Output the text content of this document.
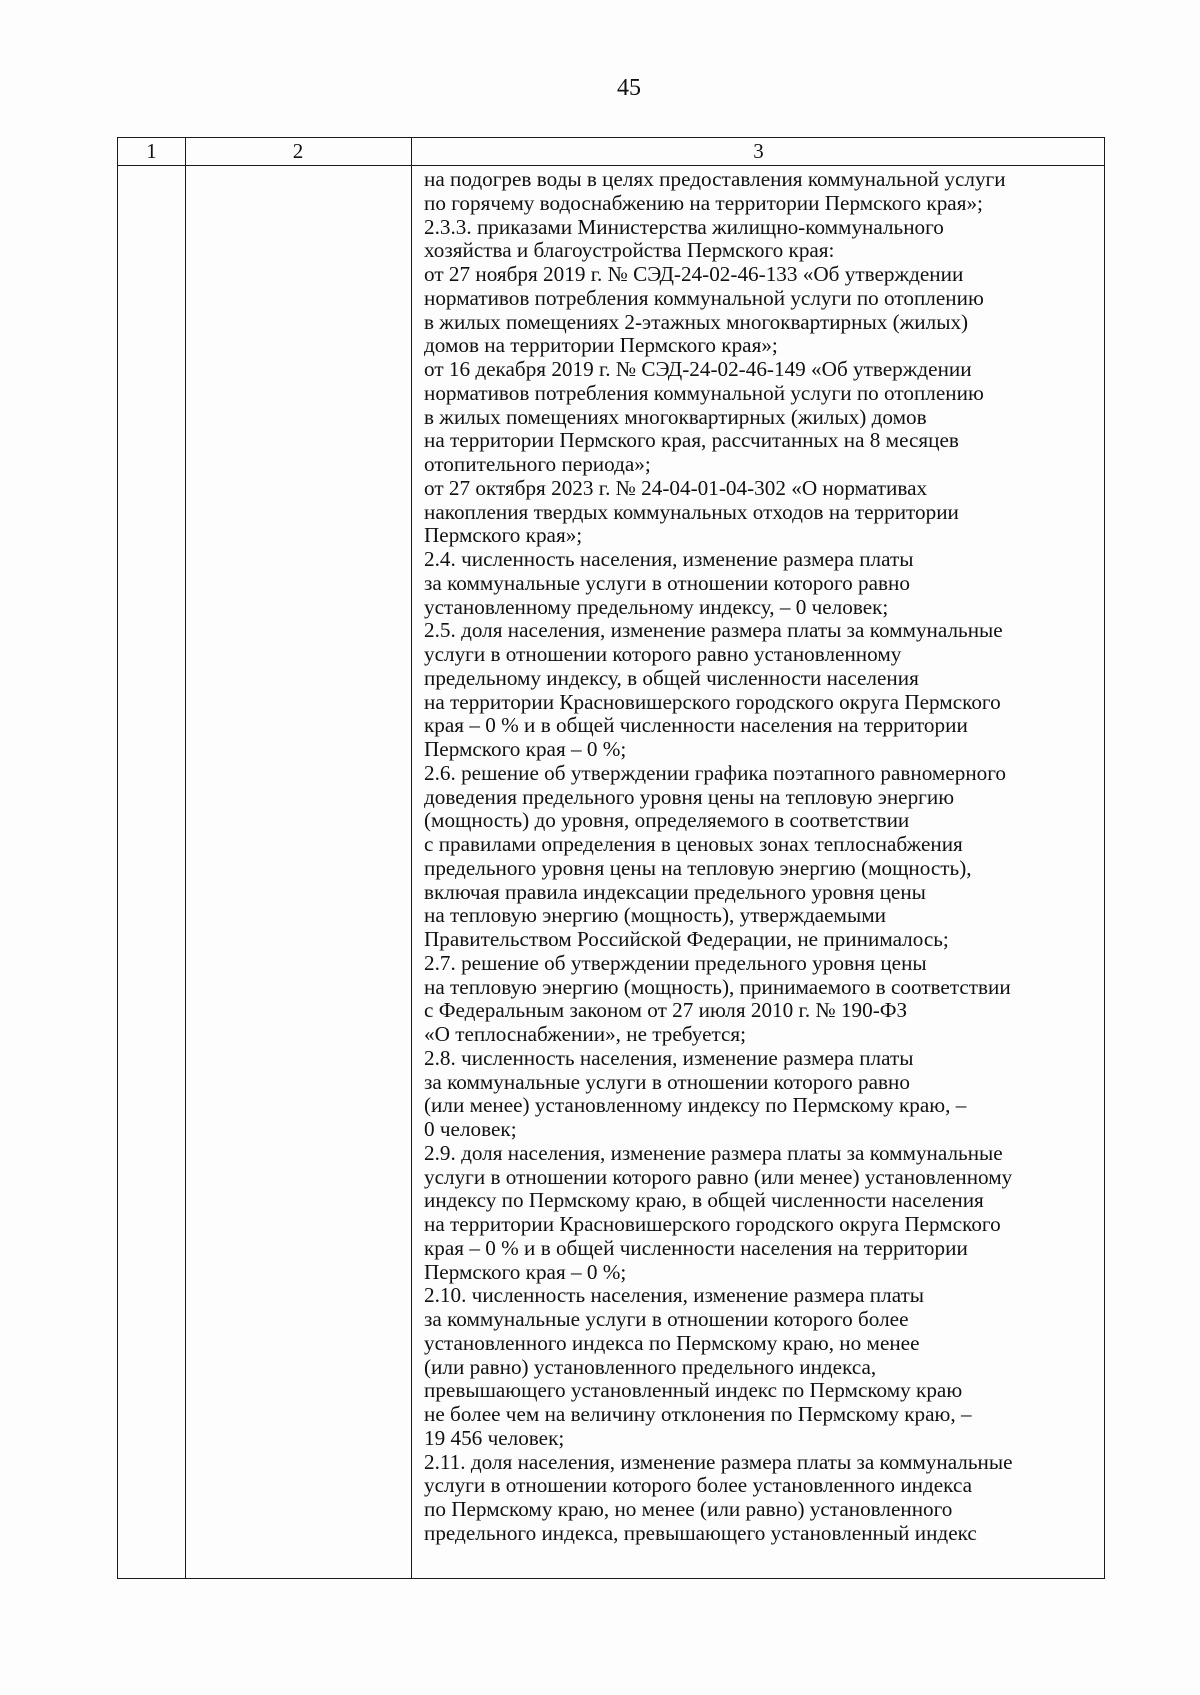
45
1	2	3
на подогрев воды в целях предоставления коммунальной услуги
по горячему водоснабжению на территории Пермского края»;
2.3.3. приказами Министерства жилищно-коммунального
хозяйства и благоустройства Пермского края:
от 27 ноября 2019 г. № СЭД-24-02-46-133 «Об утверждении
нормативов потребления коммунальной услуги по отоплению
в жилых помещениях 2-этажных многоквартирных (жилых)
домов на территории Пермского края»;
от 16 декабря 2019 г. № СЭД-24-02-46-149 «Об утверждении
нормативов потребления коммунальной услуги по отоплению
в жилых помещениях многоквартирных (жилых) домов
на территории Пермского края, рассчитанных на 8 месяцев
отопительного периода»;
от 27 октября 2023 г. № 24-04-01-04-302 «О нормативах
накопления твердых коммунальных отходов на территории
Пермского края»;
2.4. численность населения, изменение размера платы
за коммунальные услуги в отношении которого равно
установленному предельному индексу, – 0 человек;
2.5. доля населения, изменение размера платы за коммунальные
услуги в отношении которого равно установленному
предельному индексу, в общей численности населения
на территории Красновишерского городского округа Пермского
края – 0 % и в общей численности населения на территории
Пермского края – 0 %;
2.6. решение об утверждении графика поэтапного равномерного
доведения предельного уровня цены на тепловую энергию
(мощность) до уровня, определяемого в соответствии
с правилами определения в ценовых зонах теплоснабжения
предельного уровня цены на тепловую энергию (мощность),
включая правила индексации предельного уровня цены
на тепловую энергию (мощность), утверждаемыми
Правительством Российской Федерации, не принималось;
2.7. решение об утверждении предельного уровня цены
на тепловую энергию (мощность), принимаемого в соответствии
с Федеральным законом от 27 июля 2010 г. № 190-ФЗ
«О теплоснабжении», не требуется;
2.8. численность населения, изменение размера платы
за коммунальные услуги в отношении которого равно
(или менее) установленному индексу по Пермскому краю, –
0 человек;
2.9. доля населения, изменение размера платы за коммунальные
услуги в отношении которого равно (или менее) установленному
индексу по Пермскому краю, в общей численности населения
на территории Красновишерского городского округа Пермского
края – 0 % и в общей численности населения на территории
Пермского края – 0 %;
2.10. численность населения, изменение размера платы
за коммунальные услуги в отношении которого более
установленного индекса по Пермскому краю, но менее
(или равно) установленного предельного индекса,
превышающего установленный индекс по Пермскому краю
не более чем на величину отклонения по Пермскому краю, –
19 456 человек;
2.11. доля населения, изменение размера платы за коммунальные
услуги в отношении которого более установленного индекса
по Пермскому краю, но менее (или равно) установленного
предельного индекса, превышающего установленный индекс
